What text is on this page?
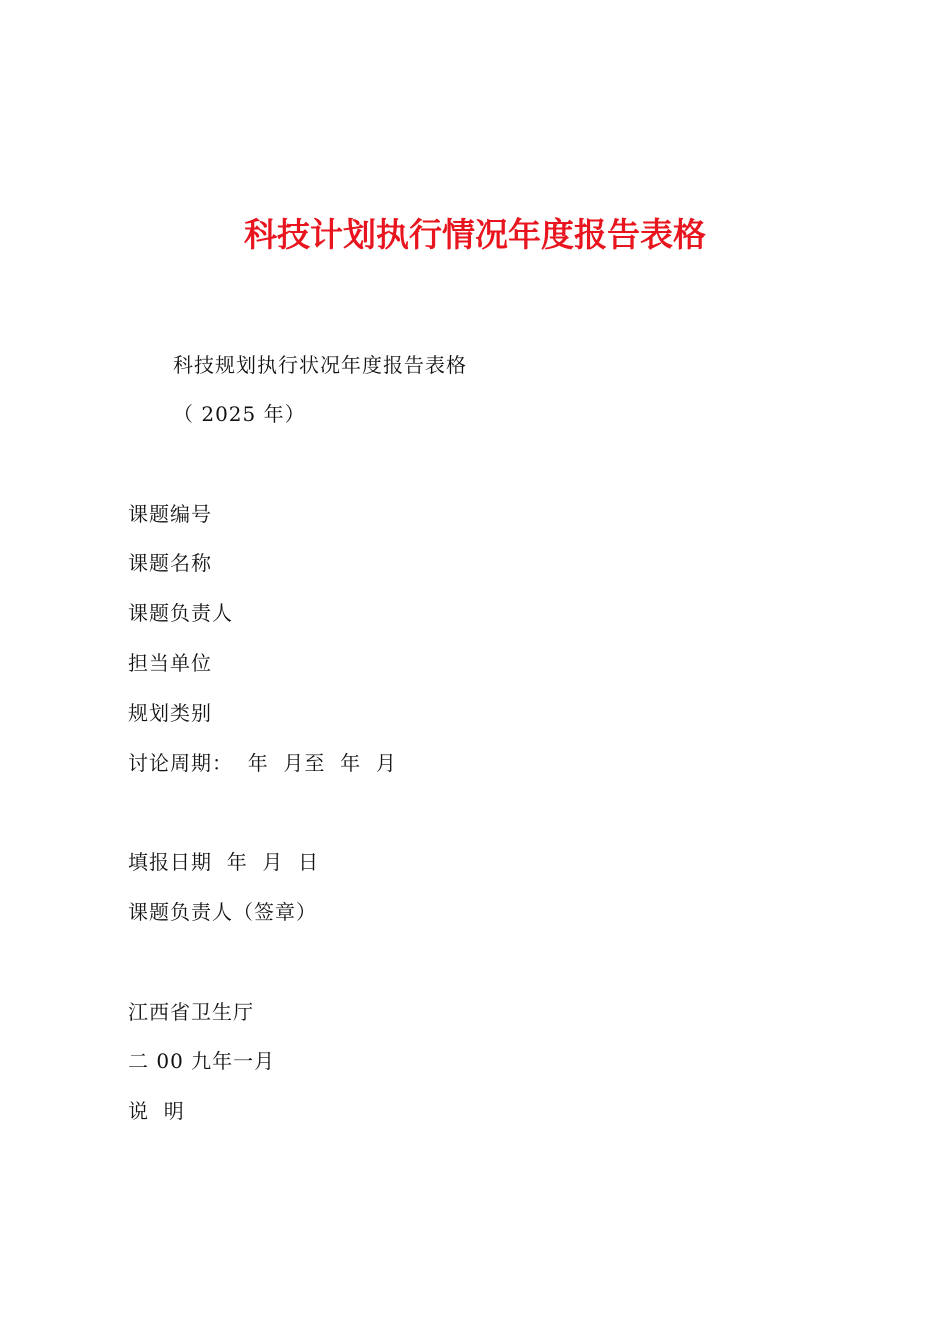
科技计划执行情况年度报告表格
科技规划执行状况年度报告表格
（ 2025 年）
课题编号
课题名称
课题负责人
担当单位
规划类别
讨论周期：  年  月至  年  月
填报日期  年  月  日
课题负责人（签章）
江西省卫生厅
二 00 九年一月
说  明
